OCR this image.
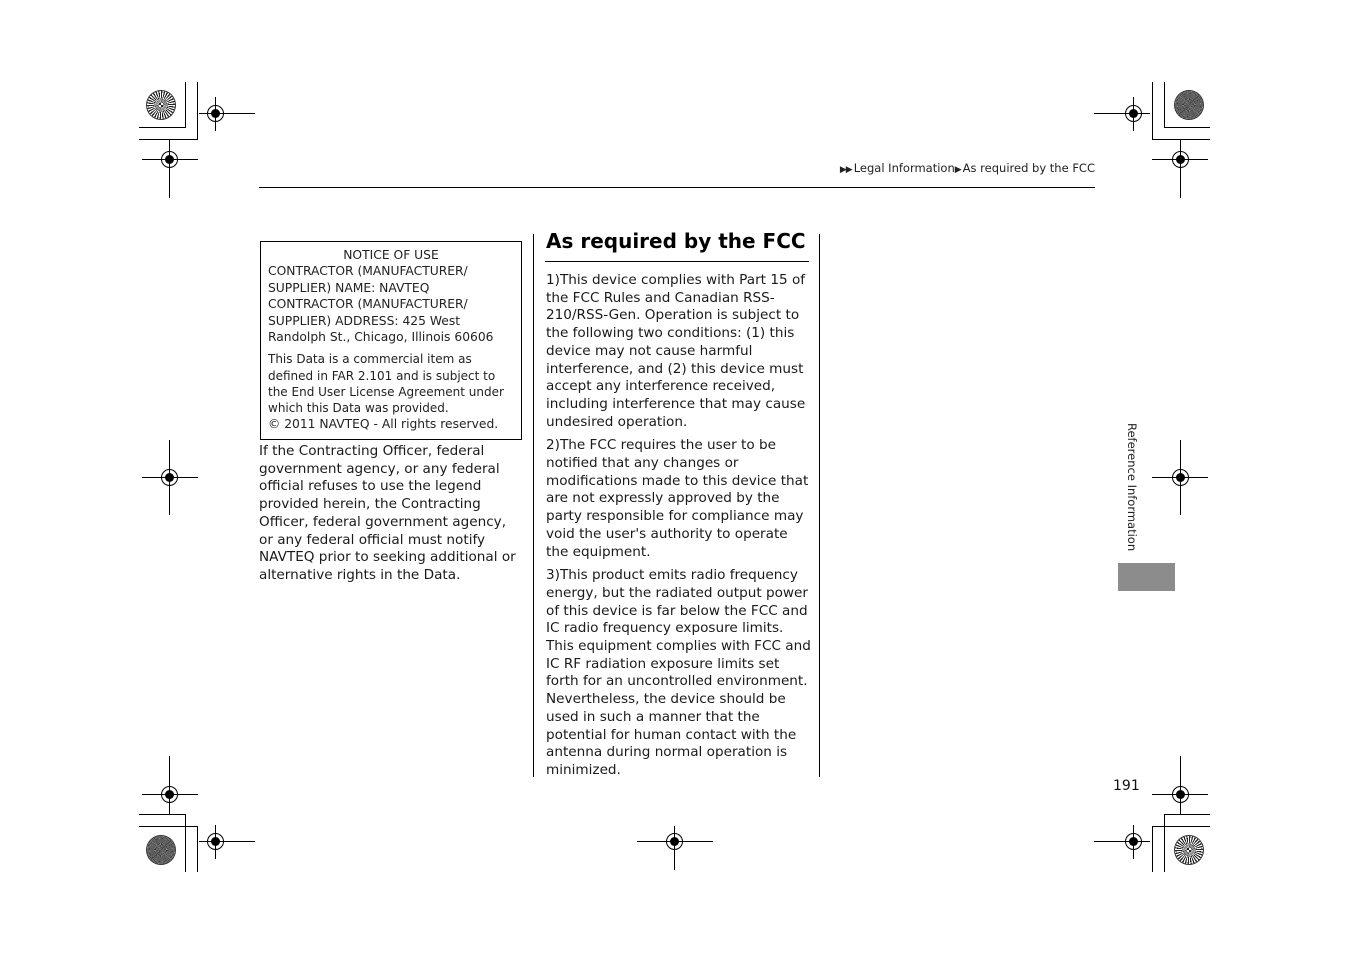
▶▶ Legal Information▶ As required by the FCC

NOTICE OF USE

CONTRACTOR (MANUFACTURER/ SUPPLIER) NAME: NAVTEQ

CONTRACTOR (MANUFACTURER/ SUPPLIER) ADDRESS: 425 West Randolph St., Chicago, Illinois 60606

This Data is a commercial item as defined in FAR 2.101 and is subject to the End User License Agreement under which this Data was provided.

© 2011 NAVTEQ - All rights reserved.

If the Contracting Officer, federal government agency, or any federal official refuses to use the legend provided herein, the Contracting Officer, federal government agency, or any federal official must notify NAVTEQ prior to seeking additional or alternative rights in the Data.
As required by the FCC

1)This device complies with Part 15 of the FCC Rules and Canadian RSS-210/RSS-Gen. Operation is subject to the following two conditions: (1) this device may not cause harmful interference, and (2) this device must accept any interference received, including interference that may cause undesired operation.

2)The FCC requires the user to be notified that any changes or modifications made to this device that are not expressly approved by the party responsible for compliance may void the user's authority to operate the equipment.

3)This product emits radio frequency energy, but the radiated output power of this device is far below the FCC and IC radio frequency exposure limits. This equipment complies with FCC and IC RF radiation exposure limits set forth for an uncontrolled environment. Nevertheless, the device should be used in such a manner that the potential for human contact with the antenna during normal operation is minimized.

Reference Information
191
